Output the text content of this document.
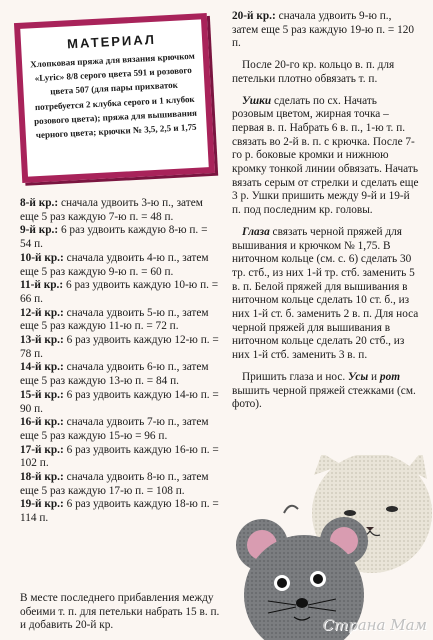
МАТЕРИАЛ
Хлопковая пряжа для вязания крючком «Lyric» 8/8 серого цвета 591 и розового цвета 507 (для пары прихваток потребуется 2 клубка серого и 1 клубок розового цвета); пряжа для вышивания черного цвета; крючки № 3,5, 2,5 и 1,75

8-й кр.: сначала удвоить 3-ю п., затем еще 5 раз каждую 7-ю п. = 48 п.

9-й кр.: 6 раз удвоить каждую 8-ю п. = 54 п.

10-й кр.: сначала удвоить 4-ю п., затем еще 5 раз каждую 9-ю п. = 60 п.

11-й кр.: 6 раз удвоить каждую 10-ю п. = 66 п.

12-й кр.: сначала удвоить 5-ю п., затем еще 5 раз каждую 11-ю п. = 72 п.

13-й кр.: 6 раз удвоить каждую 12-ю п. = 78 п.

14-й кр.: сначала удвоить 6-ю п., затем еще 5 раз каждую 13-ю п. = 84 п.

15-й кр.: 6 раз удвоить каждую 14-ю п. = 90 п.

16-й кр.: сначала удвоить 7-ю п., затем еще 5 раз каждую 15-ю = 96 п.

17-й кр.: 6 раз удвоить каждую 16-ю п. = 102 п.

18-й кр.: сначала удвоить 8-ю п., затем еще 5 раз каждую 17-ю п. = 108 п.

19-й кр.: 6 раз удвоить каждую 18-ю п. = 114 п.

В месте последнего прибавления между обеими т. п. для петельки набрать 15 в. п. и добавить 20-й кр.

20-й кр.: сначала удвоить 9-ю п., затем еще 5 раз каждую 19-ю п. = 120 п.

После 20-го кр. кольцо в. п. для петельки плотно обвязать т. п.

Ушки сделать по сх. Начать розовым цветом, жирная точка – первая в. п. Набрать 6 в. п., 1-ю т. п. связать во 2-й в. п. с крючка. После 7-го р. боковые кромки и нижнюю кромку тонкой линии обвязать. Начать вязать серым от стрелки и сделать еще 3 р. Ушки пришить между 9-й и 19-й п. под последним кр. головы.

Глаза связать черной пряжей для вышивания и крючком № 1,75. В ниточном кольце (см. с. 6) сделать 30 тр. стб., из них 1-й тр. стб. заменить 5 в. п. Белой пряжей для вышивания в ниточном кольце сделать 10 ст. б., из них 1-й ст. б. заменить 2 в. п. Для носа черной пряжей для вышивания в ниточном кольце сделать 20 стб., из них 1-й стб. заменить 3 в. п.

Пришить глаза и нос. Усы и рот вышить черной пряжей стежками (см. фото).

Страна Мам
